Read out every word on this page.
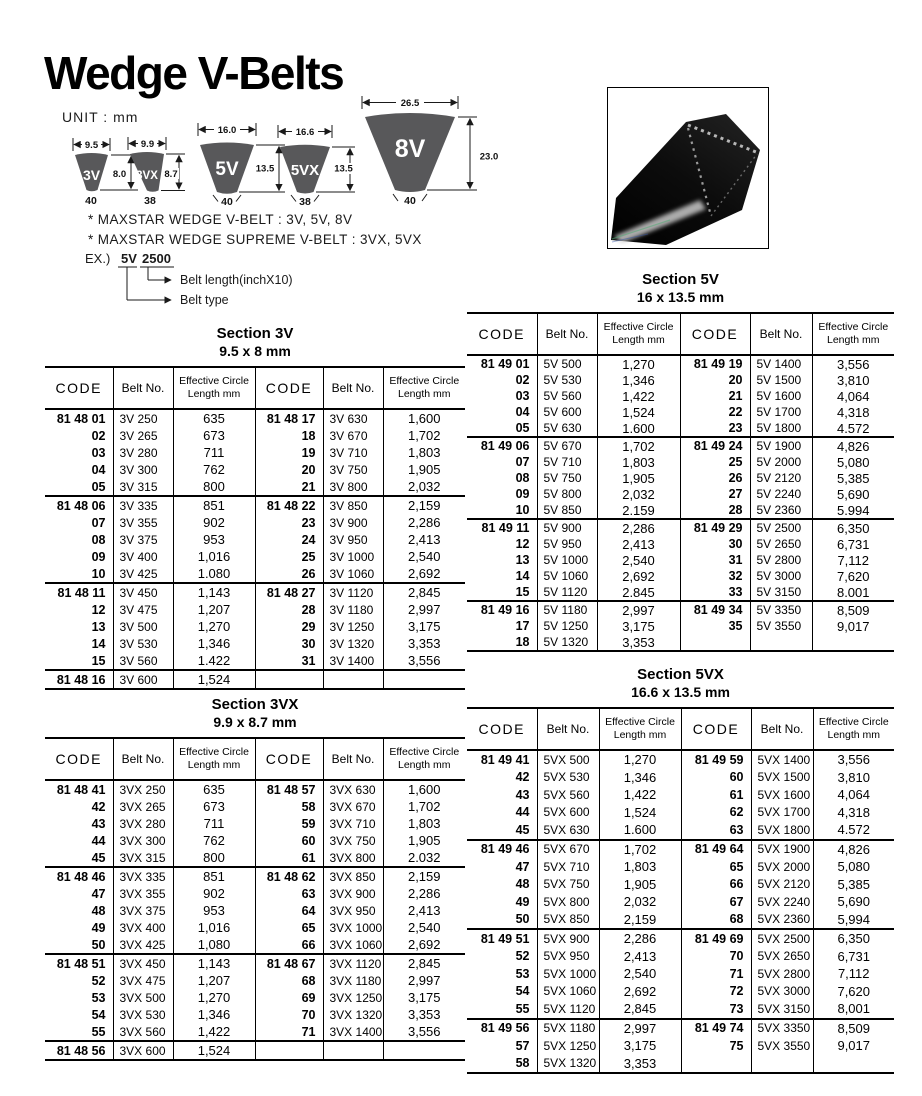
Wedge V-Belts
UNIT : mm
3V
9.5
8.0
40
3VX
9.9
8.7
38
5V
16.0
13.5
40
5VX
16.6
13.5
38
8V
26.5
23.0
40
* MAXSTAR WEDGE V-BELT : 3V, 5V, 8V
* MAXSTAR WEDGE SUPREME V-BELT : 3VX, 5VX
EX.) 5V 2500
Belt length(inchX10)
Belt type
Section 3V
9.5 x 8 mm
CODE	Belt No.	Effective Circle Length mm	CODE	Belt No.	Effective Circle Length mm
81 48 01	3V 250	635	81 48 17	3V 630	1,600
02	3V 265	673	18	3V 670	1,702
03	3V 280	711	19	3V 710	1,803
04	3V 300	762	20	3V 750	1,905
05	3V 315	800	21	3V 800	2,032
81 48 06	3V 335	851	81 48 22	3V 850	2,159
07	3V 355	902	23	3V 900	2,286
08	3V 375	953	24	3V 950	2,413
09	3V 400	1,016	25	3V 1000	2,540
10	3V 425	1.080	26	3V 1060	2,692
81 48 11	3V 450	1,143	81 48 27	3V 1120	2,845
12	3V 475	1,207	28	3V 1180	2,997
13	3V 500	1,270	29	3V 1250	3,175
14	3V 530	1,346	30	3V 1320	3,353
15	3V 560	1.422	31	3V 1400	3,556
81 48 16	3V 600	1,524			
Section 5V
16 x 13.5 mm
CODE	Belt No.	Effective Circle Length mm	CODE	Belt No.	Effective Circle Length mm
81 49 01	5V 500	1,270	81 49 19	5V 1400	3,556
02	5V 530	1,346	20	5V 1500	3,810
03	5V 560	1,422	21	5V 1600	4,064
04	5V 600	1,524	22	5V 1700	4,318
05	5V 630	1.600	23	5V 1800	4.572
81 49 06	5V 670	1,702	81 49 24	5V 1900	4,826
07	5V 710	1,803	25	5V 2000	5,080
08	5V 750	1,905	26	5V 2120	5,385
09	5V 800	2,032	27	5V 2240	5,690
10	5V 850	2.159	28	5V 2360	5.994
81 49 11	5V 900	2,286	81 49 29	5V 2500	6,350
12	5V 950	2,413	30	5V 2650	6,731
13	5V 1000	2,540	31	5V 2800	7,112
14	5V 1060	2,692	32	5V 3000	7,620
15	5V 1120	2.845	33	5V 3150	8.001
81 49 16	5V 1180	2,997	81 49 34	5V 3350	8,509
17	5V 1250	3,175	35	5V 3550	9,017
18	5V 1320	3,353			
Section 3VX
9.9 x 8.7 mm
CODE	Belt No.	Effective Circle Length mm	CODE	Belt No.	Effective Circle Length mm
81 48 41	3VX 250	635	81 48 57	3VX 630	1,600
42	3VX 265	673	58	3VX 670	1,702
43	3VX 280	711	59	3VX 710	1,803
44	3VX 300	762	60	3VX 750	1,905
45	3VX 315	800	61	3VX 800	2.032
81 48 46	3VX 335	851	81 48 62	3VX 850	2,159
47	3VX 355	902	63	3VX 900	2,286
48	3VX 375	953	64	3VX 950	2,413
49	3VX 400	1,016	65	3VX 1000	2,540
50	3VX 425	1,080	66	3VX 1060	2,692
81 48 51	3VX 450	1,143	81 48 67	3VX 1120	2,845
52	3VX 475	1,207	68	3VX 1180	2,997
53	3VX 500	1,270	69	3VX 1250	3,175
54	3VX 530	1,346	70	3VX 1320	3,353
55	3VX 560	1,422	71	3VX 1400	3,556
81 48 56	3VX 600	1,524			
Section 5VX
16.6 x 13.5 mm
CODE	Belt No.	Effective Circle Length mm	CODE	Belt No.	Effective Circle Length mm
81 49 41	5VX 500	1,270	81 49 59	5VX 1400	3,556
42	5VX 530	1,346	60	5VX 1500	3,810
43	5VX 560	1,422	61	5VX 1600	4,064
44	5VX 600	1,524	62	5VX 1700	4,318
45	5VX 630	1.600	63	5VX 1800	4.572
81 49 46	5VX 670	1,702	81 49 64	5VX 1900	4,826
47	5VX 710	1,803	65	5VX 2000	5,080
48	5VX 750	1,905	66	5VX 2120	5,385
49	5VX 800	2,032	67	5VX 2240	5,690
50	5VX 850	2,159	68	5VX 2360	5,994
81 49 51	5VX 900	2,286	81 49 69	5VX 2500	6,350
52	5VX 950	2,413	70	5VX 2650	6,731
53	5VX 1000	2,540	71	5VX 2800	7,112
54	5VX 1060	2,692	72	5VX 3000	7,620
55	5VX 1120	2,845	73	5VX 3150	8,001
81 49 56	5VX 1180	2,997	81 49 74	5VX 3350	8,509
57	5VX 1250	3,175	75	5VX 3550	9,017
58	5VX 1320	3,353			
